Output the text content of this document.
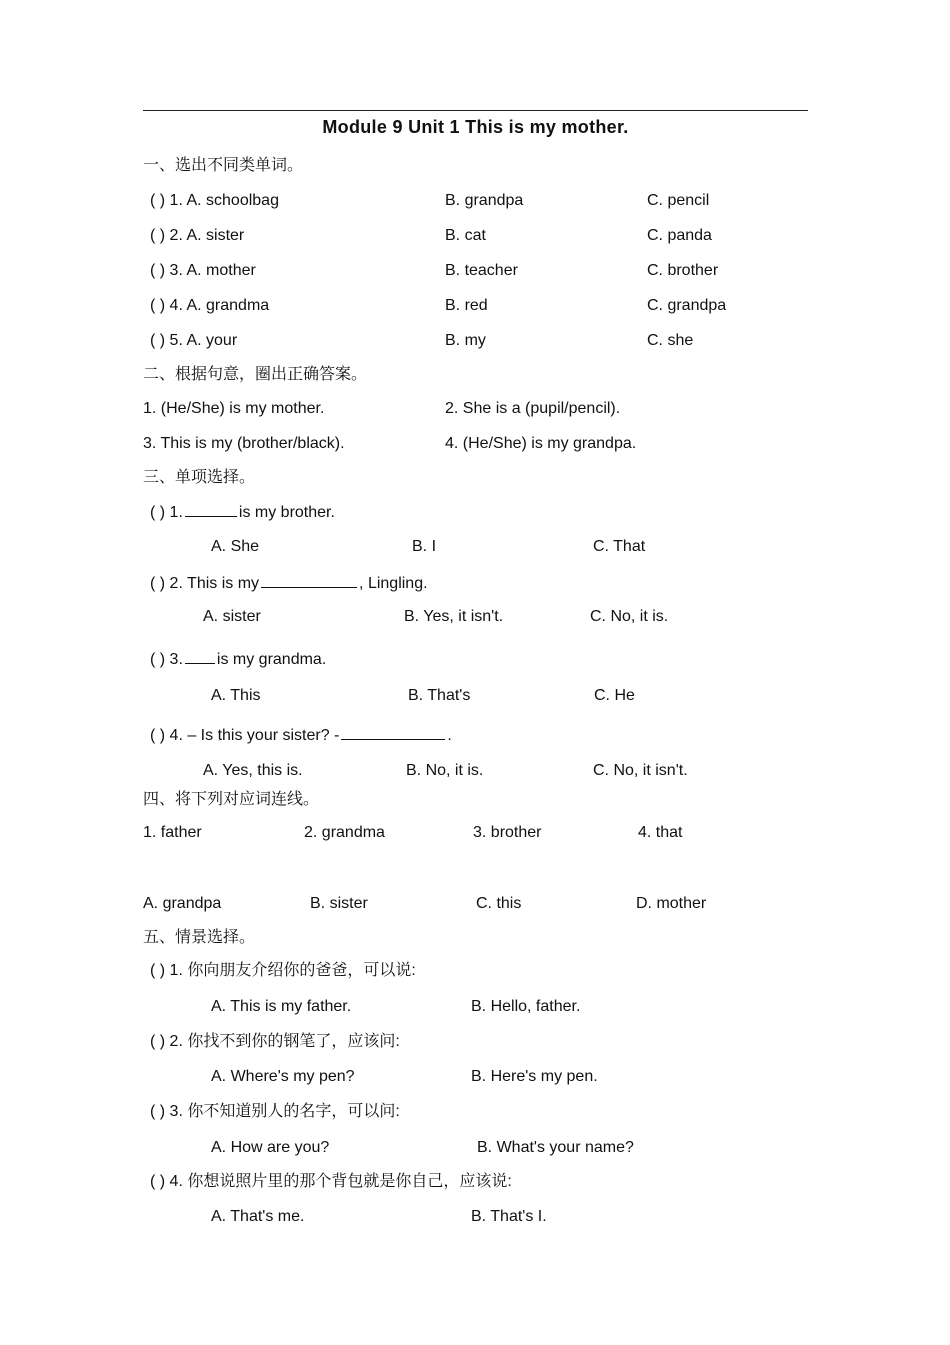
Module 9 Unit 1 This is my mother.
一、选出不同类单词。
( ) 1. A. schoolbag	B. grandpa	C. pencil
( ) 2. A. sister	B. cat	C. panda
( ) 3. A. mother	B. teacher	C. brother
( ) 4. A. grandma	B. red	C. grandpa
( ) 5. A. your	B. my	C. she
二、根据句意，圈出正确答案。
1. (He/She) is my mother.	2. She is a (pupil/pencil).
3. This is my (brother/black).	4. (He/She) is my grandpa.
三、单项选择。
( ) 1.	is my brother.
A. She	B. I	C. That
( ) 2. This is my	, Lingling.
A. sister	B. Yes, it isn't.	C. No, it is.
( ) 3. is my grandma.
A. This	B. That's	C. He
( ) 4. – Is this your sister? -	.
A. Yes, this is.	B. No, it is.	C. No, it isn't.
四、将下列对应词连线。
1. father	2. grandma	3. brother	4. that
A. grandpa	B. sister	C. this	D. mother
五、情景选择。
( ) 1. 你向朋友介绍你的爸爸，可以说:
A. This is my father.	B. Hello, father.
( ) 2. 你找不到你的钢笔了，应该问:
A. Where's my pen?	B. Here's my pen.
( ) 3. 你不知道别人的名字，可以问:
A. How are you?	B. What's your name?
( ) 4. 你想说照片里的那个背包就是你自己，应该说:
A. That's me.	B. That's I.
